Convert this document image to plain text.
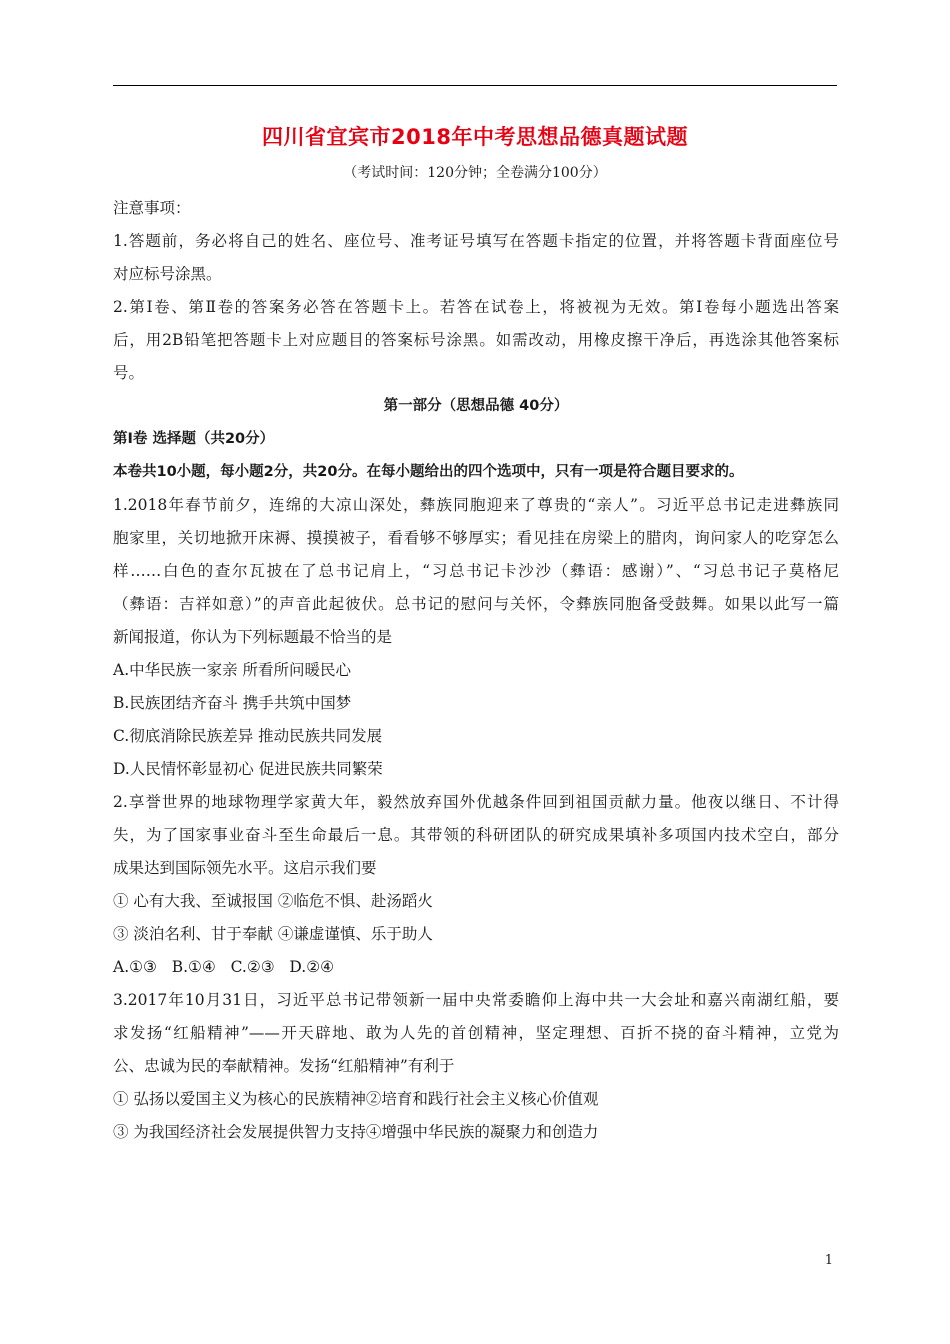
四川省宜宾市2018年中考思想品德真题试题
（考试时间：120分钟；全卷满分100分）

注意事项：

1.答题前，务必将自己的姓名、座位号、准考证号填写在答题卡指定的位置，并将答题卡背面座位号

对应标号涂黑。

2.第Ⅰ卷、第Ⅱ卷的答案务必答在答题卡上。若答在试卷上，将被视为无效。第Ⅰ卷每小题选出答案

后，用2B铅笔把答题卡上对应题目的答案标号涂黑。如需改动，用橡皮擦干净后，再选涂其他答案标

号。

第一部分（思想品德 40分）

第Ⅰ卷 选择题（共20分）

本卷共10小题，每小题2分，共20分。在每小题给出的四个选项中，只有一项是符合题目要求的。

1.2018年春节前夕，连绵的大凉山深处，彝族同胞迎来了尊贵的“亲人”。习近平总书记走进彝族同

胞家里，关切地掀开床褥、摸摸被子，看看够不够厚实；看见挂在房梁上的腊肉，询问家人的吃穿怎么

样……白色的查尔瓦披在了总书记肩上，“习总书记卡沙沙（彝语：感谢）”、“习总书记子莫格尼

（彝语：吉祥如意）”的声音此起彼伏。总书记的慰问与关怀，令彝族同胞备受鼓舞。如果以此写一篇

新闻报道，你认为下列标题最不恰当的是

A.中华民族一家亲 所看所问暖民心

B.民族团结齐奋斗 携手共筑中国梦

C.彻底消除民族差异 推动民族共同发展

D.人民情怀彰显初心 促进民族共同繁荣

2.享誉世界的地球物理学家黄大年，毅然放弃国外优越条件回到祖国贡献力量。他夜以继日、不计得

失，为了国家事业奋斗至生命最后一息。其带领的科研团队的研究成果填补多项国内技术空白，部分

成果达到国际领先水平。这启示我们要

① 心有大我、至诚报国 ②临危不惧、赴汤蹈火

③ 淡泊名利、甘于奉献 ④谦虚谨慎、乐于助人

A.①③   B.①④   C.②③   D.②④

3.2017年10月31日，习近平总书记带领新一届中央常委瞻仰上海中共一大会址和嘉兴南湖红船，要

求发扬“红船精神”——开天辟地、敢为人先的首创精神，坚定理想、百折不挠的奋斗精神，立党为

公、忠诚为民的奉献精神。发扬“红船精神”有利于

① 弘扬以爱国主义为核心的民族精神②培育和践行社会主义核心价值观

③ 为我国经济社会发展提供智力支持④增强中华民族的凝聚力和创造力

1
